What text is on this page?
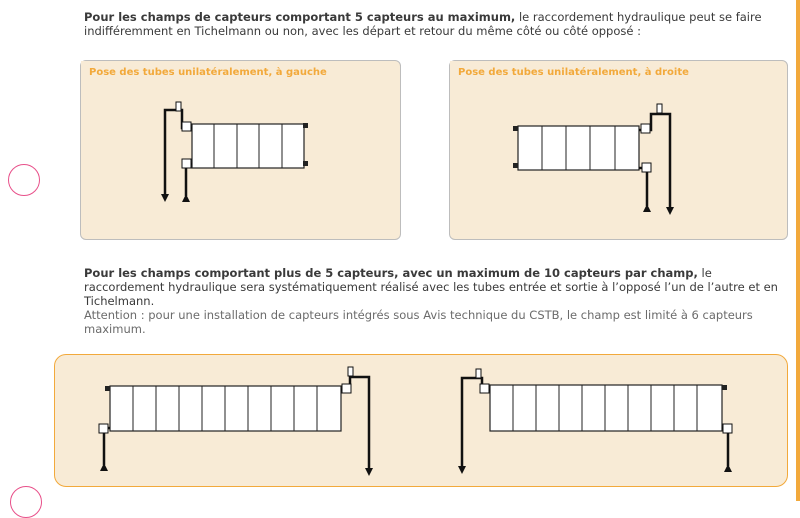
Pour les champs de capteurs comportant 5 capteurs au maximum, le raccordement hydraulique peut se faire indifféremment en Tichelmann ou non, avec les départ et retour du même côté ou côté opposé :
Pose des tubes unilatéralement, à gauche	Pose des tubes unilatéralement, à droite
Pour les champs comportant plus de 5 capteurs, avec un maximum de 10 capteurs par champ, le raccordement hydraulique sera systématiquement réalisé avec les tubes entrée et sortie à l’opposé l’un de l’autre et en Tichelmann.
Attention : pour une installation de capteurs intégrés sous Avis technique du CSTB, le champ est limité à 6 capteurs maximum.
